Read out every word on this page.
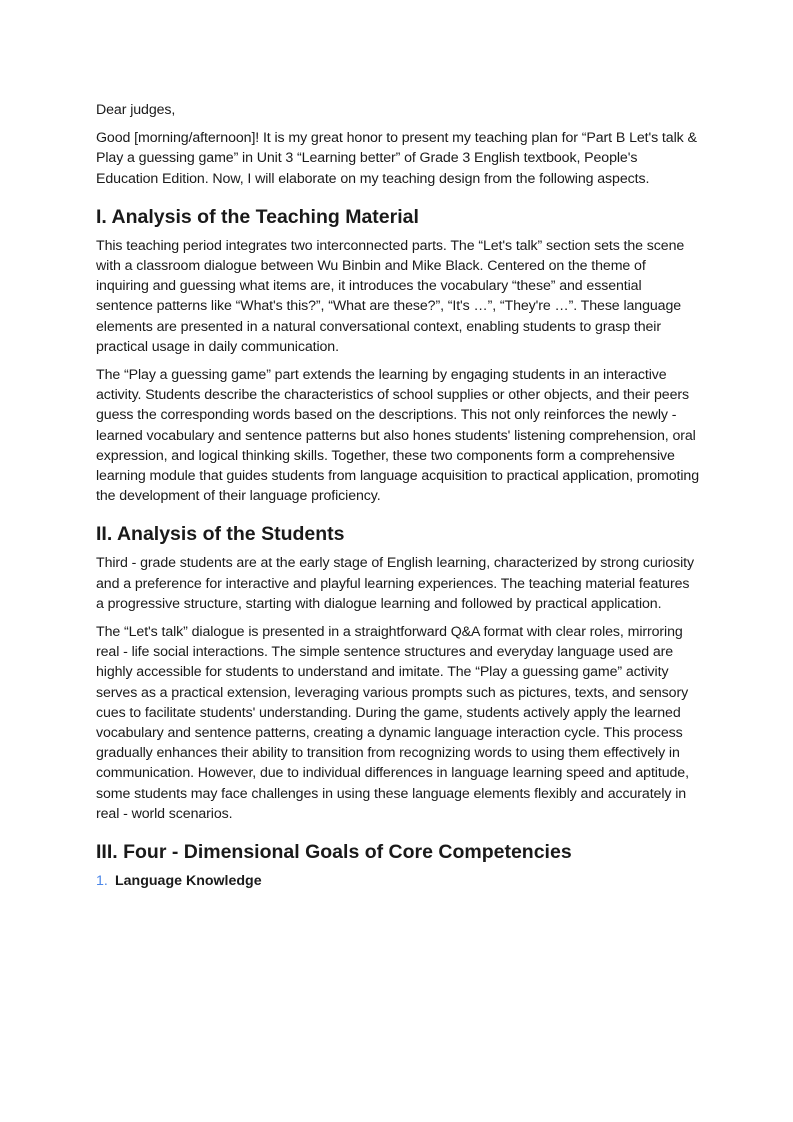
Dear judges,

Good [morning/afternoon]! It is my great honor to present my teaching plan for “Part B Let's talk & Play a guessing game” in Unit 3 “Learning better” of Grade 3 English textbook, People's Education Edition. Now, I will elaborate on my teaching design from the following aspects.

I. Analysis of the Teaching Material

This teaching period integrates two interconnected parts. The “Let's talk” section sets the scene with a classroom dialogue between Wu Binbin and Mike Black. Centered on the theme of inquiring and guessing what items are, it introduces the vocabulary “these” and essential sentence patterns like “What's this?”, “What are these?”, “It's …”, “They're …”. These language elements are presented in a natural conversational context, enabling students to grasp their practical usage in daily communication.

The “Play a guessing game” part extends the learning by engaging students in an interactive activity. Students describe the characteristics of school supplies or other objects, and their peers guess the corresponding words based on the descriptions. This not only reinforces the newly - learned vocabulary and sentence patterns but also hones students' listening comprehension, oral expression, and logical thinking skills. Together, these two components form a comprehensive learning module that guides students from language acquisition to practical application, promoting the development of their language proficiency.

II. Analysis of the Students

Third - grade students are at the early stage of English learning, characterized by strong curiosity and a preference for interactive and playful learning experiences. The teaching material features a progressive structure, starting with dialogue learning and followed by practical application.

The “Let's talk” dialogue is presented in a straightforward Q&A format with clear roles, mirroring real - life social interactions. The simple sentence structures and everyday language used are highly accessible for students to understand and imitate. The “Play a guessing game” activity serves as a practical extension, leveraging various prompts such as pictures, texts, and sensory cues to facilitate students' understanding. During the game, students actively apply the learned vocabulary and sentence patterns, creating a dynamic language interaction cycle. This process gradually enhances their ability to transition from recognizing words to using them effectively in communication. However, due to individual differences in language learning speed and aptitude, some students may face challenges in using these language elements flexibly and accurately in real - world scenarios.

III. Four - Dimensional Goals of Core Competencies
1. Language Knowledge
